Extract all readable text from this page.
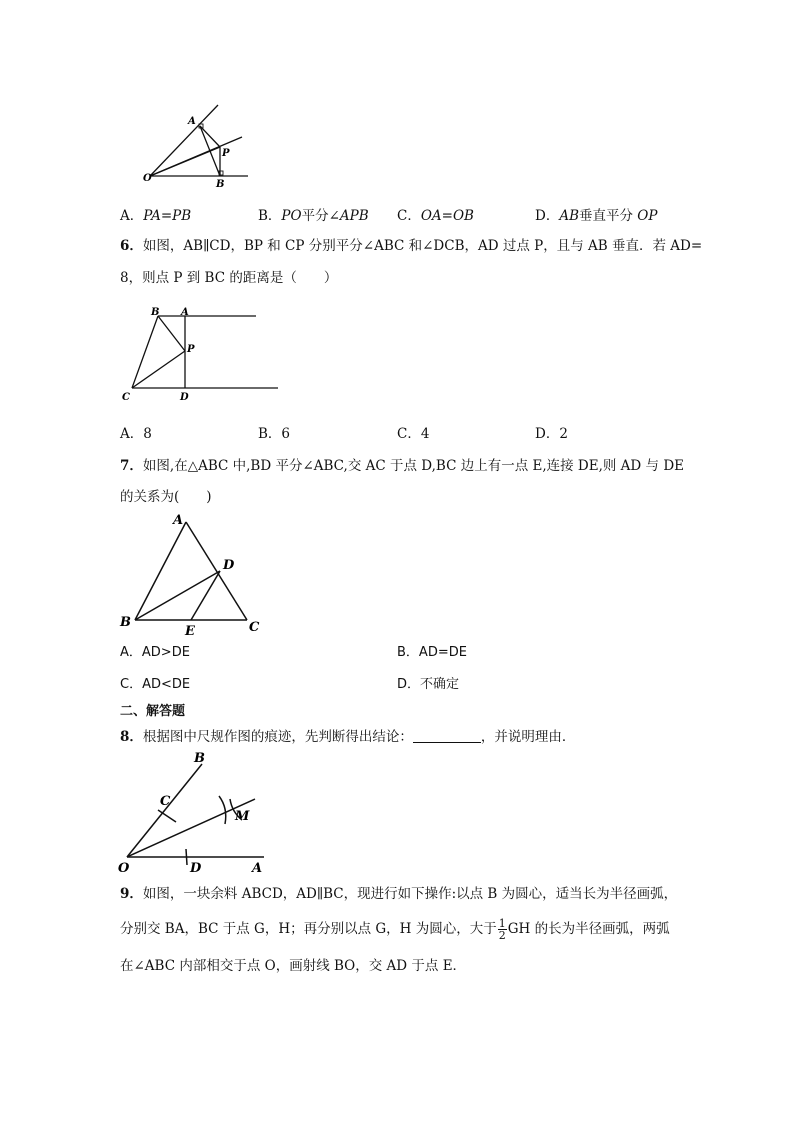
A
P
O
B
A．PA=PB	B．PO平分∠APB C．OA=OB	D．AB垂直平分 OP
6．如图，AB∥CD，BP 和 CP 分别平分∠ABC 和∠DCB，AD 过点 P，且与 AB 垂直．若 AD=
8，则点 P 到 BC 的距离是（　　）
B A
P
C	D
A．8	B．6	C．4	D．2
7．如图,在△ABC 中,BD 平分∠ABC,交 AC 于点 D,BC 边上有一点 E,连接 DE,则 AD 与 DE
的关系为(　　)
A
D
B
E	C
A．AD>DE	B．AD=DE
C．AD<DE	D．不确定
二、解答题
8．根据图中尺规作图的痕迹，先判断得出结论：	，并说明理由．
B
C
M
O	D	A
9．如图，一块余料 ABCD，AD∥BC，现进行如下操作:以点 B 为圆心，适当长为半径画弧，
分别交 BA，BC 于点 G，H；再分别以点 G，H 为圆心，大于 $\frac{1}{2}$ GH 的长为半径画弧，两弧
在∠ABC 内部相交于点 O，画射线 BO，交 AD 于点 E．
